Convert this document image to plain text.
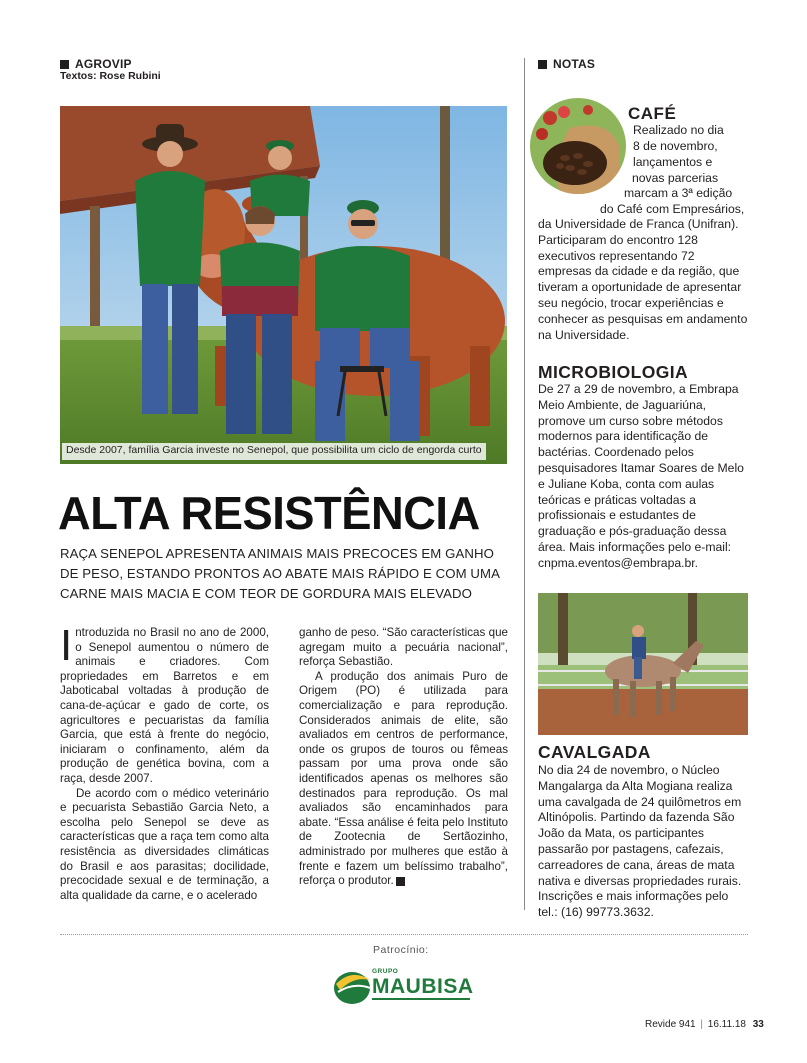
AGROVIP
Textos: Rose Rubini
NOTAS
Desde 2007, família Garcia investe no Senepol, que possibilita um ciclo de engorda curto
ALTA RESISTÊNCIA
RAÇA SENEPOL APRESENTA ANIMAIS MAIS PRECOCES EM GANHO DE PESO, ESTANDO PRONTOS AO ABATE MAIS RÁPIDO E COM UMA CARNE MAIS MACIA E COM TEOR DE GORDURA MAIS ELEVADO

Introduzida no Brasil no ano de 2000, o Senepol aumentou o número de animais e criadores. Com propriedades em Barretos e em Jaboticabal voltadas à produção de cana-de-açúcar e gado de corte, os agricultores e pecuaristas da família Garcia, que está à frente do negócio, iniciaram o confinamento, além da produção de genética bovina, com a raça, desde 2007.

De acordo com o médico veterinário e pecuarista Sebastião Garcia Neto, a escolha pelo Senepol se deve as características que a raça tem como alta resistência as diversidades climáticas do Brasil e aos parasitas; docilidade, precocidade sexual e de terminação, a alta qualidade da carne, e o acelerado

ganho de peso. “São características que agregam muito a pecuária nacional”, reforça Sebastião.

A produção dos animais Puro de Origem (PO) é utilizada para comercialização e para reprodução. Considerados animais de elite, são avaliados em centros de performance, onde os grupos de touros ou fêmeas passam por uma prova onde são identificados apenas os melhores são destinados para reprodução. Os mal avaliados são encaminhados para abate. “Essa análise é feita pelo Instituto de Zootecnia de Sertãozinho, administrado por mulheres que estão à frente e fazem um belíssimo trabalho”, reforça o produtor.

CAFÉ
Realizado no dia
8 de novembro,
lançamentos e
novas parcerias
marcam a 3ª edição
do Café com Empresários,
da Universidade de Franca (Unifran). Participaram do encontro 128 executivos representando 72 empresas da cidade e da região, que tiveram a oportunidade de apresentar seu negócio, trocar experiências e conhecer as pesquisas em andamento na Universidade.
MICROBIOLOGIA
De 27 a 29 de novembro, a Embrapa Meio Ambiente, de Jaguariúna, promove um curso sobre métodos modernos para identificação de bactérias. Coordenado pelos pesquisadores Itamar Soares de Melo e Juliane Koba, conta com aulas teóricas e práticas voltadas a profissionais e estudantes de graduação e pós-graduação dessa área. Mais informações pelo e-mail: cnpma.eventos@embrapa.br.
CAVALGADA
No dia 24 de novembro, o Núcleo Mangalarga da Alta Mogiana realiza uma cavalgada de 24 quilômetros em Altinópolis. Partindo da fazenda São João da Mata, os participantes passarão por pastagens, cafezais, carreadores de cana, áreas de mata nativa e diversas propriedades rurais. Inscrições e mais informações pelo tel.: (16) 99773.3632.
Patrocínio:
GRUPO
MAUBISA
Revide 941 | 16.11.18 33
